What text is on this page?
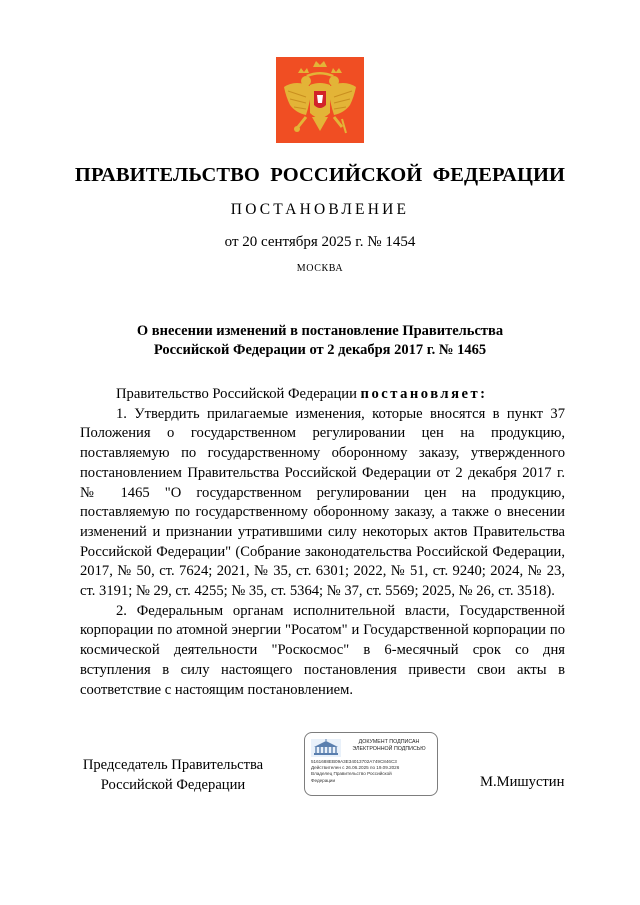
ПРАВИТЕЛЬСТВО РОССИЙСКОЙ ФЕДЕРАЦИИ
ПОСТАНОВЛЕНИЕ
от 20 сентября 2025 г. № 1454
МОСКВА
О внесении изменений в постановление Правительства
Российской Федерации от 2 декабря 2017 г. № 1465

Правительство Российской Федерации постановляет:

1. Утвердить прилагаемые изменения, которые вносятся в пункт 37 Положения о государственном регулировании цен на продукцию, поставляемую по государственному оборонному заказу, утвержденного постановлением Правительства Российской Федерации от 2 декабря 2017 г. № 1465 "О государственном регулировании цен на продукцию, поставляемую по государственному оборонному заказу, а также о внесении изменений и признании утратившими силу некоторых актов Правительства Российской Федерации" (Собрание законодательства Российской Федерации, 2017, № 50, ст. 7624; 2021, № 35, ст. 6301; 2022, № 51, ст. 9240; 2024, № 23, ст. 3191; № 29, ст. 4255; № 35, ст. 5364; № 37, ст. 5569; 2025, № 26, ст. 3518).

2. Федеральным органам исполнительной власти, Государственной корпорации по атомной энергии "Росатом" и Государственной корпорации по космической деятельности "Роскосмос" в 6-месячный срок со дня вступления в силу настоящего постановления привести свои акты в соответствие с настоящим постановлением.

Председатель Правительства
Российской Федерации
ДОКУМЕНТ ПОДПИСАН
ЭЛЕКТРОННОЙ ПОДПИСЬЮ
5161688EB09A3E34013702A749C846C3
Действителен с 26.06.2025 по 19.09.2026
Владелец Правительство Российской
Федерации	М.Мишустин
